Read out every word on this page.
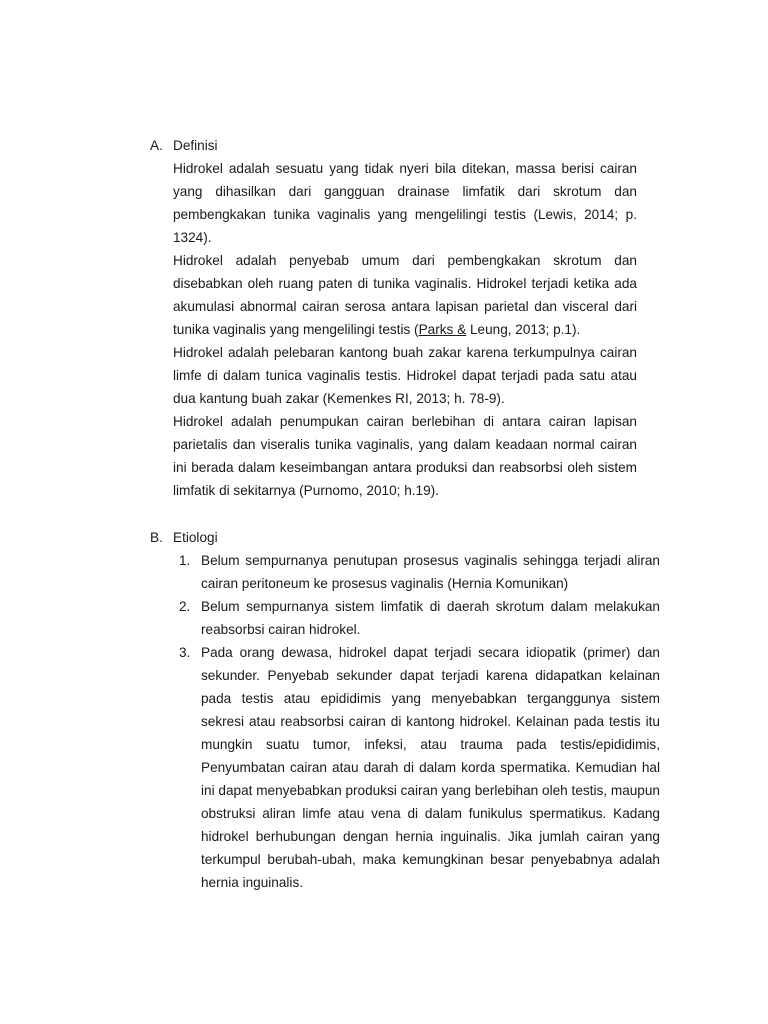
A. Definisi
Hidrokel adalah sesuatu yang tidak nyeri bila ditekan, massa berisi cairan yang dihasilkan dari gangguan drainase limfatik dari skrotum dan pembengkakan tunika vaginalis yang mengelilingi testis (Lewis, 2014; p. 1324).
Hidrokel adalah penyebab umum dari pembengkakan skrotum dan disebabkan oleh ruang paten di tunika vaginalis. Hidrokel terjadi ketika ada akumulasi abnormal cairan serosa antara lapisan parietal dan visceral dari tunika vaginalis yang mengelilingi testis (Parks & Leung, 2013; p.1).
Hidrokel adalah pelebaran kantong buah zakar karena terkumpulnya cairan limfe di dalam tunica vaginalis testis. Hidrokel dapat terjadi pada satu atau dua kantung buah zakar (Kemenkes RI, 2013; h. 78-9).
Hidrokel adalah penumpukan cairan berlebihan di antara cairan lapisan parietalis dan viseralis tunika vaginalis, yang dalam keadaan normal cairan ini berada dalam keseimbangan antara produksi dan reabsorbsi oleh sistem limfatik di sekitarnya (Purnomo, 2010; h.19).
B. Etiologi
1. Belum sempurnanya penutupan prosesus vaginalis sehingga terjadi aliran cairan peritoneum ke prosesus vaginalis (Hernia Komunikan)
2. Belum sempurnanya sistem limfatik di daerah skrotum dalam melakukan reabsorbsi cairan hidrokel.
3. Pada orang dewasa, hidrokel dapat terjadi secara idiopatik (primer) dan sekunder. Penyebab sekunder dapat terjadi karena didapatkan kelainan pada testis atau epididimis yang menyebabkan terganggunya sistem sekresi atau reabsorbsi cairan di kantong hidrokel. Kelainan pada testis itu mungkin suatu tumor, infeksi, atau trauma pada testis/epididimis, Penyumbatan cairan atau darah di dalam korda spermatika. Kemudian hal ini dapat menyebabkan produksi cairan yang berlebihan oleh testis, maupun obstruksi aliran limfe atau vena di dalam funikulus spermatikus. Kadang hidrokel berhubungan dengan hernia inguinalis. Jika jumlah cairan yang terkumpul berubah-ubah, maka kemungkinan besar penyebabnya adalah hernia inguinalis.
